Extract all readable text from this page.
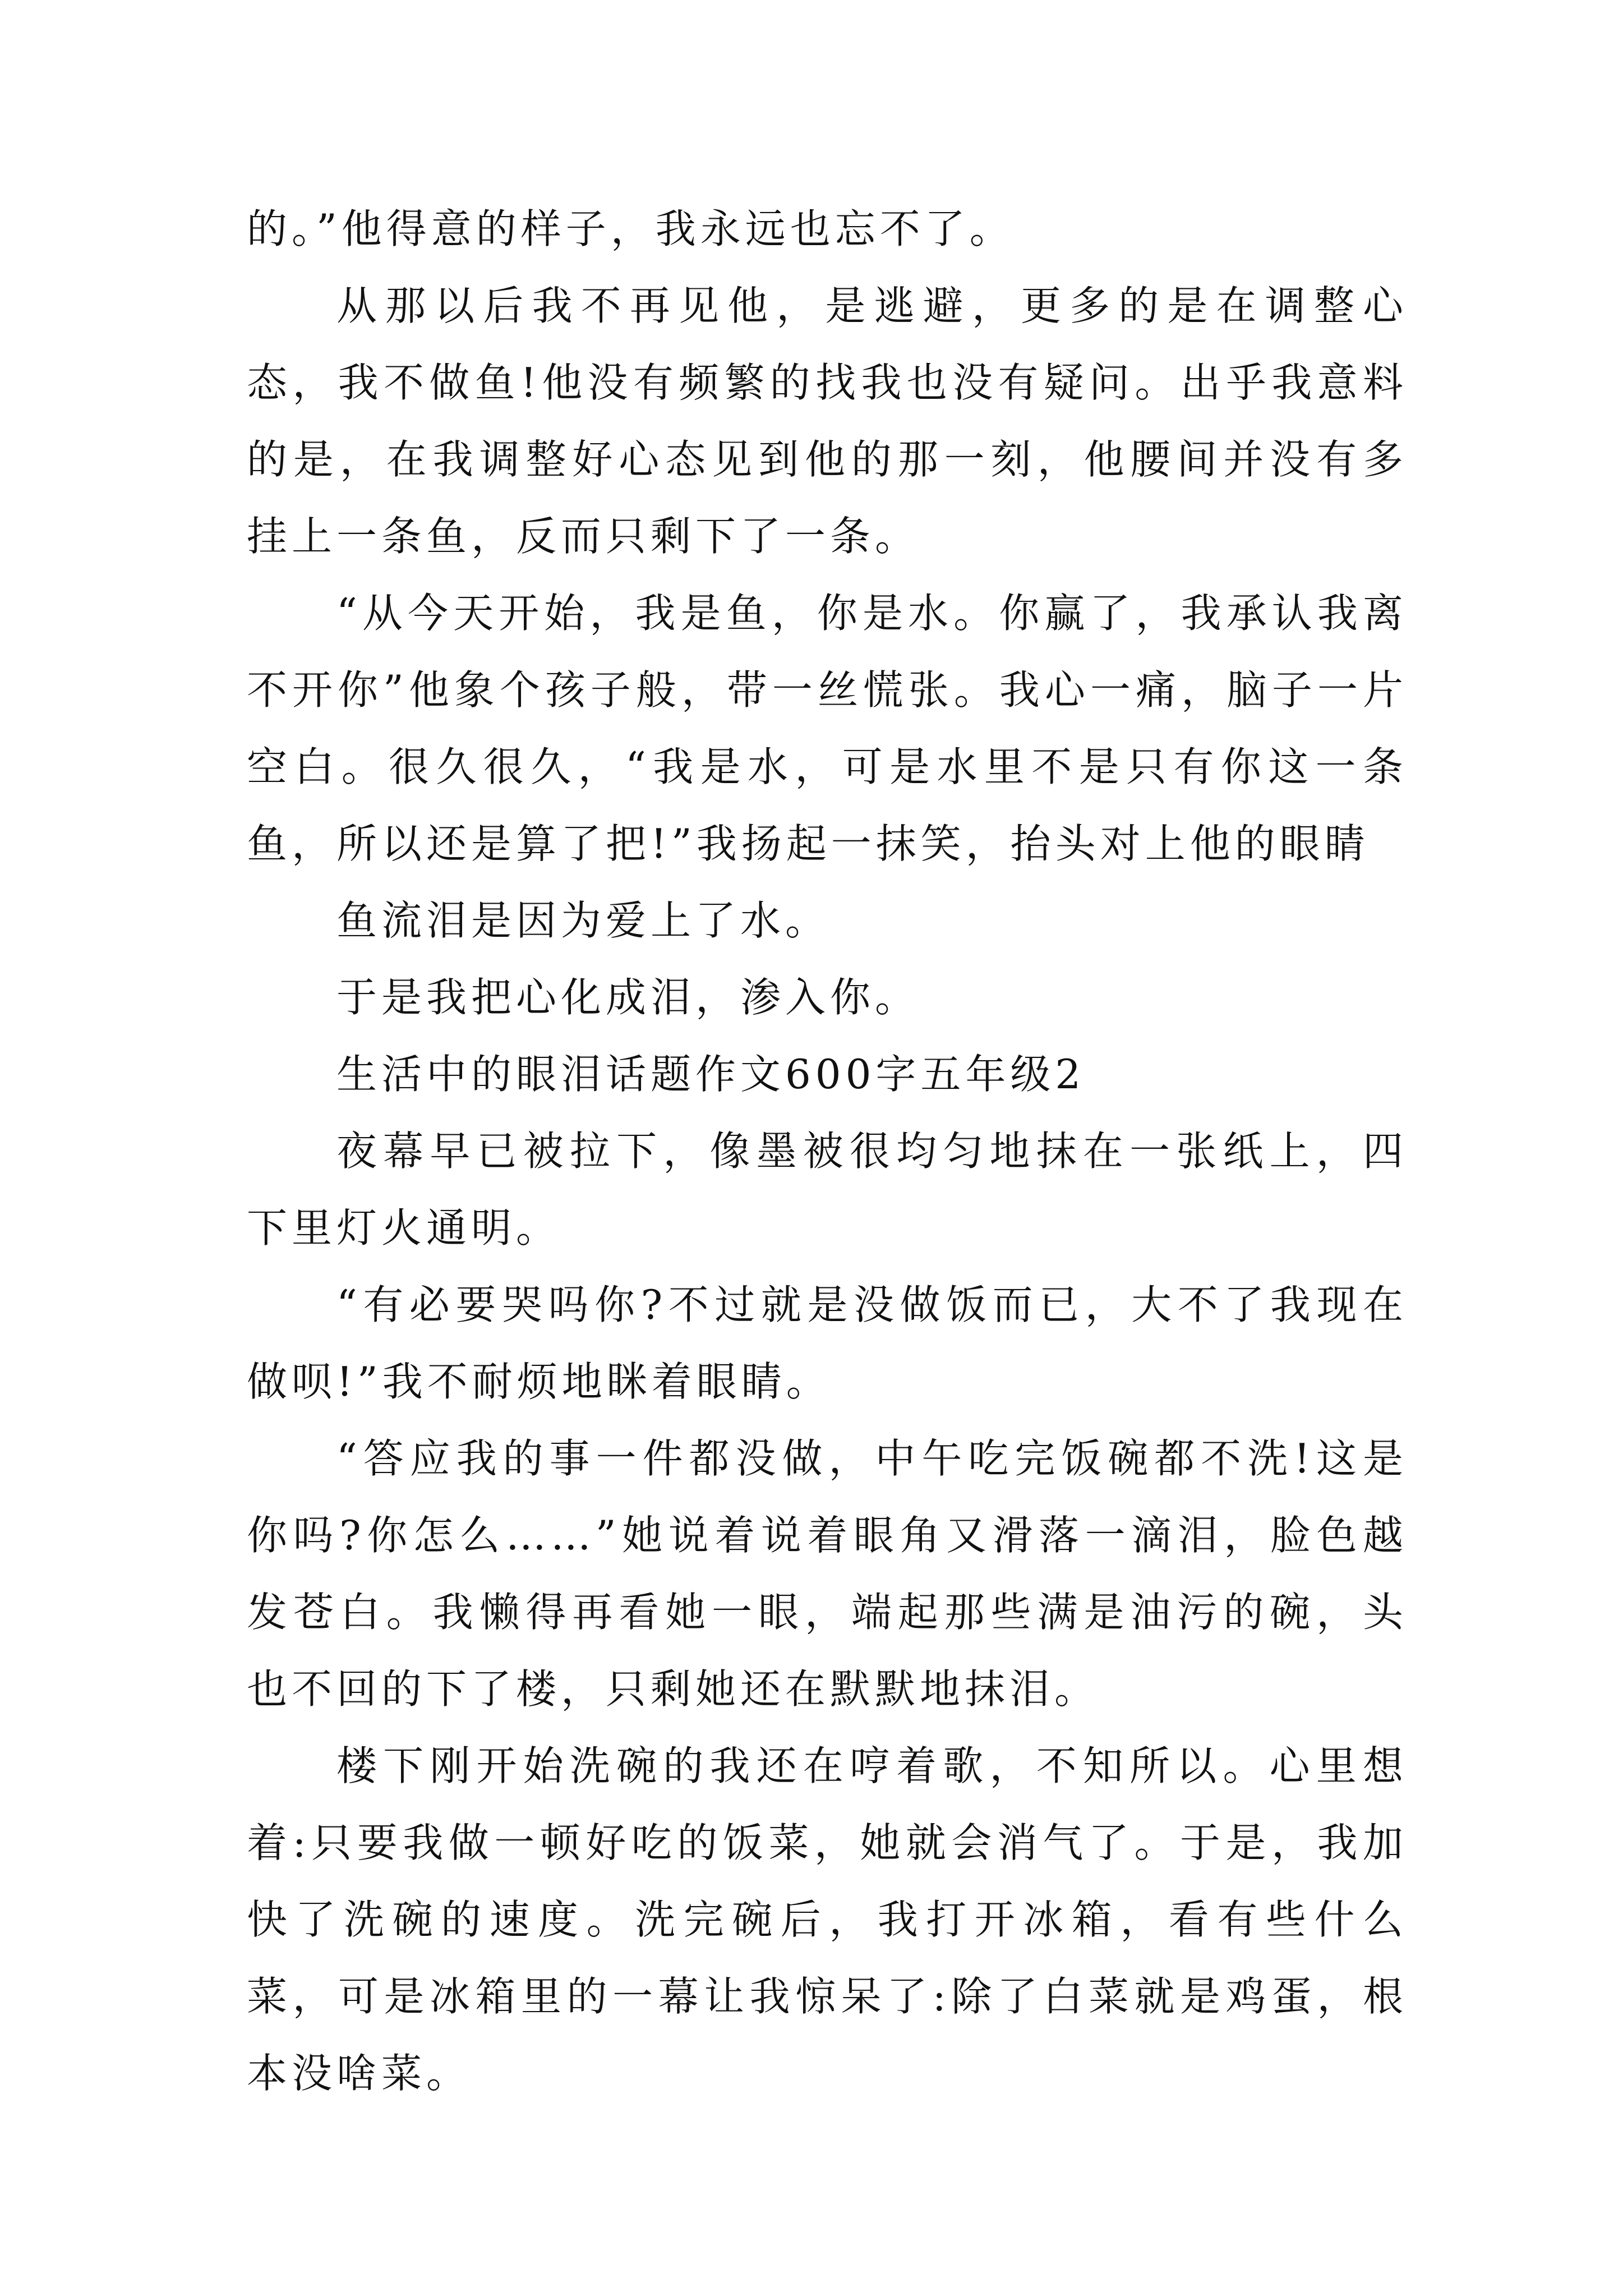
的。”他得意的样子，我永远也忘不了。

从那以后我不再见他，是逃避，更多的是在调整心态，我不做鱼!他没有频繁的找我也没有疑问。出乎我意料的是，在我调整好心态见到他的那一刻，他腰间并没有多挂上一条鱼，反而只剩下了一条。

“从今天开始，我是鱼，你是水。你赢了，我承认我离不开你”他象个孩子般，带一丝慌张。我心一痛，脑子一片空白。很久很久，“我是水，可是水里不是只有你这一条鱼，所以还是算了把!”我扬起一抹笑，抬头对上他的眼睛

鱼流泪是因为爱上了水。

于是我把心化成泪，渗入你。

生活中的眼泪话题作文600字五年级2

夜幕早已被拉下，像墨被很均匀地抹在一张纸上，四下里灯火通明。

“有必要哭吗你?不过就是没做饭而已，大不了我现在做呗!”我不耐烦地眯着眼睛。

“答应我的事一件都没做，中午吃完饭碗都不洗!这是你吗?你怎么……”她说着说着眼角又滑落一滴泪，脸色越发苍白。我懒得再看她一眼，端起那些满是油污的碗，头也不回的下了楼，只剩她还在默默地抹泪。

楼下刚开始洗碗的我还在哼着歌，不知所以。心里想着:只要我做一顿好吃的饭菜，她就会消气了。于是，我加快了洗碗的速度。洗完碗后，我打开冰箱，看有些什么菜，可是冰箱里的一幕让我惊呆了:除了白菜就是鸡蛋，根本没啥菜。
